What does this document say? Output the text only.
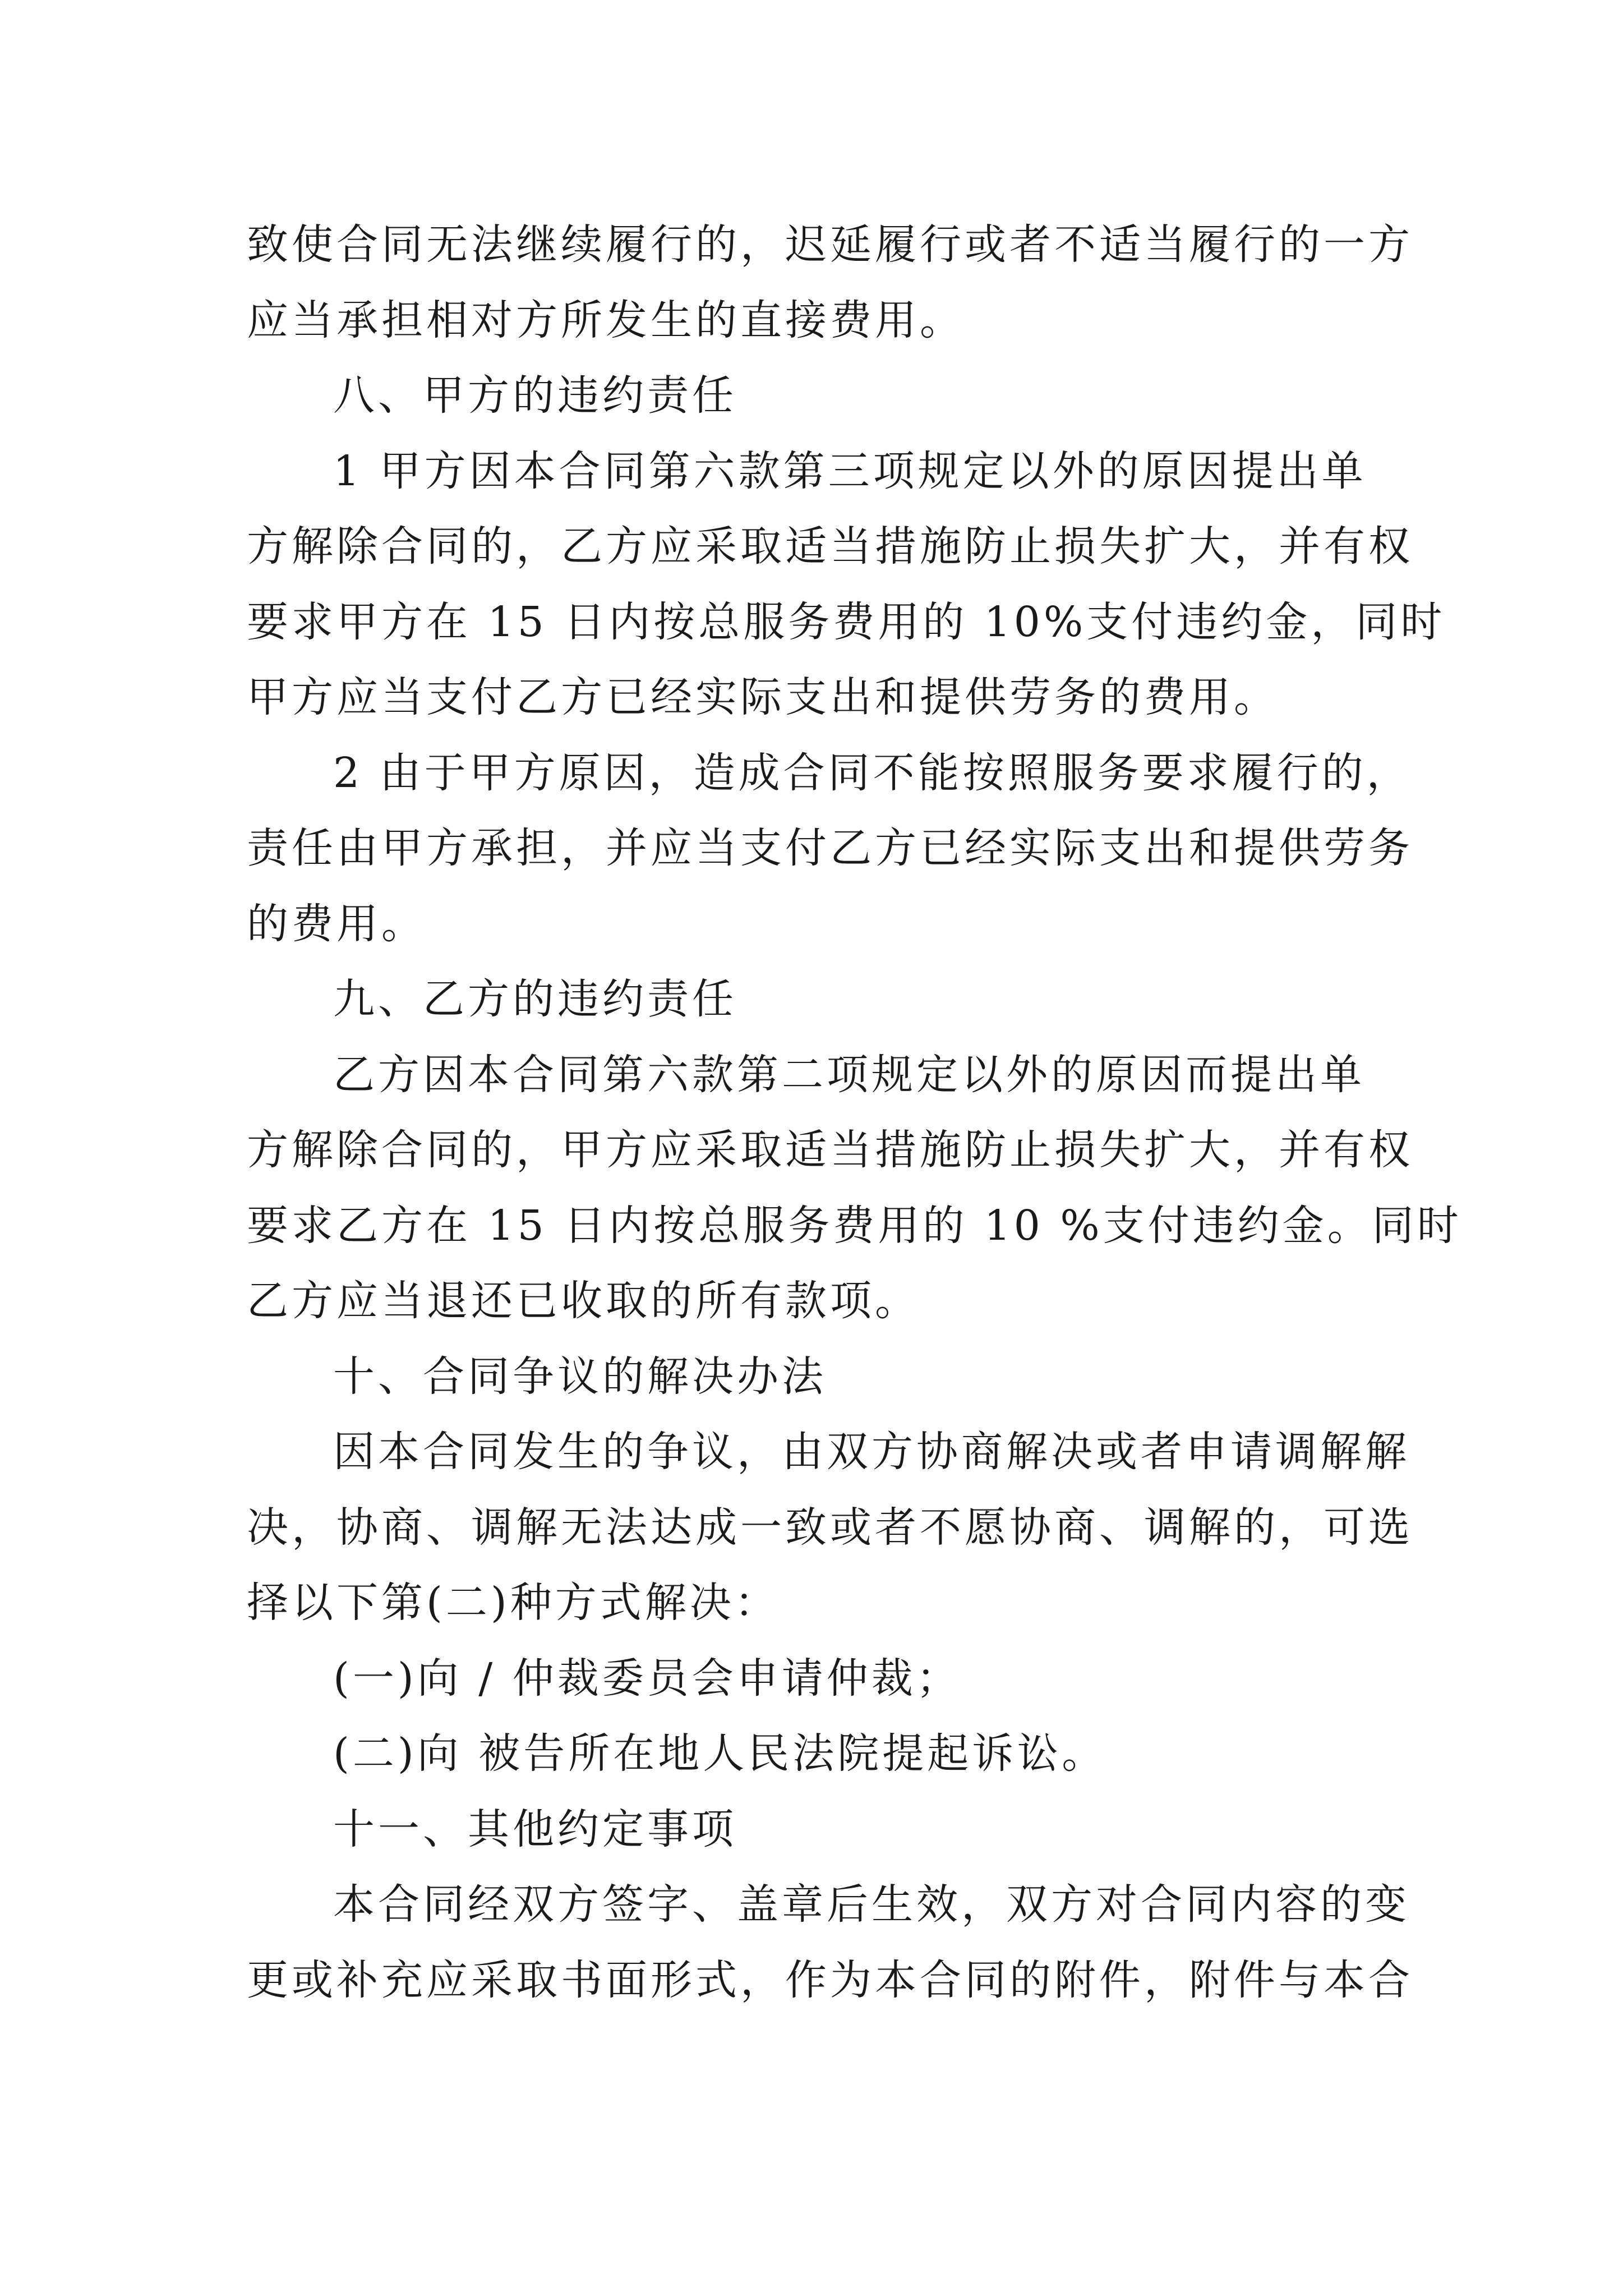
致使合同无法继续履行的，迟延履行或者不适当履行的一方
应当承担相对方所发生的直接费用。
八、甲方的违约责任
1 甲方因本合同第六款第三项规定以外的原因提出单
方解除合同的，乙方应采取适当措施防止损失扩大，并有权
要求甲方在 15 日内按总服务费用的 10%支付违约金，同时
甲方应当支付乙方已经实际支出和提供劳务的费用。
2 由于甲方原因，造成合同不能按照服务要求履行的，
责任由甲方承担，并应当支付乙方已经实际支出和提供劳务
的费用。
九、乙方的违约责任
乙方因本合同第六款第二项规定以外的原因而提出单
方解除合同的，甲方应采取适当措施防止损失扩大，并有权
要求乙方在 15 日内按总服务费用的 10 %支付违约金。同时
乙方应当退还已收取的所有款项。
十、合同争议的解决办法
因本合同发生的争议，由双方协商解决或者申请调解解
决，协商、调解无法达成一致或者不愿协商、调解的，可选
择以下第(二)种方式解决：
(一)向 / 仲裁委员会申请仲裁；
(二)向 被告所在地人民法院提起诉讼。
十一、其他约定事项
本合同经双方签字、盖章后生效，双方对合同内容的变
更或补充应采取书面形式，作为本合同的附件，附件与本合
